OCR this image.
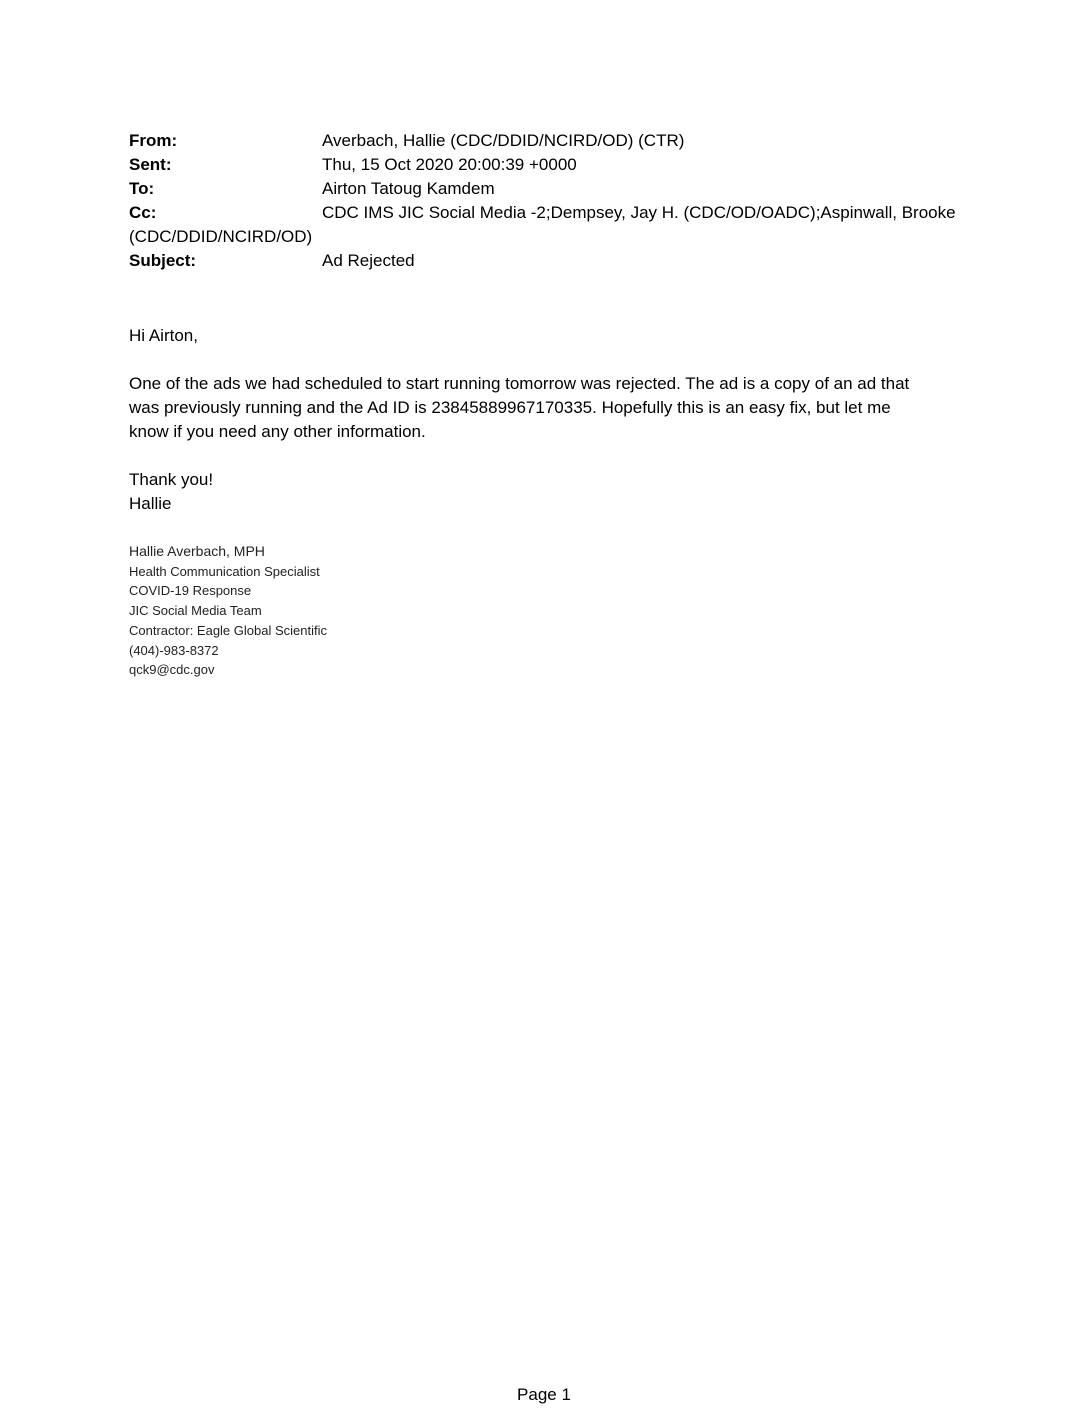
From:	Averbach, Hallie (CDC/DDID/NCIRD/OD) (CTR)
Sent:	Thu, 15 Oct 2020 20:00:39 +0000
To:	Airton Tatoug Kamdem
Cc:	CDC IMS JIC Social Media -2;Dempsey, Jay H. (CDC/OD/OADC);Aspinwall, Brooke
(CDC/DDID/NCIRD/OD)
Subject:	Ad Rejected

Hi Airton,

One of the ads we had scheduled to start running tomorrow was rejected. The ad is a copy of an ad that

was previously running and the Ad ID is 23845889967170335. Hopefully this is an easy fix, but let me

know if you need any other information.

Thank you!

Hallie

Hallie Averbach, MPH
Health Communication Specialist
COVID-19 Response
JIC Social Media Team
Contractor: Eagle Global Scientific
(404)-983-8372
qck9@cdc.gov
Page 1
